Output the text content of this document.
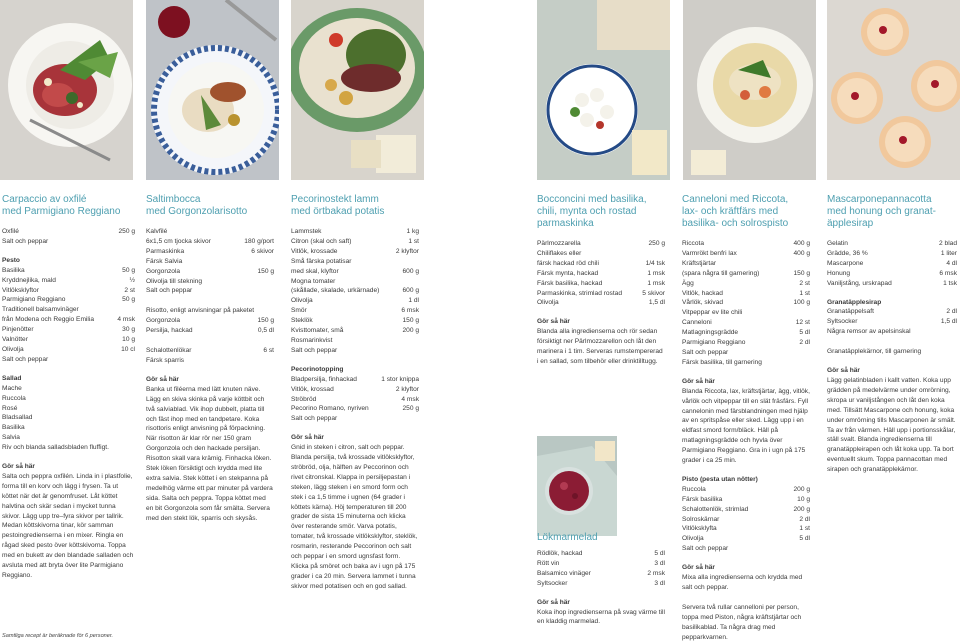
Carpaccio av oxfilé
med Parmigiano Reggiano
Oxfilé	250 g
Salt och peppar
Pesto
Basilika	50 g
Kryddnejlika, mald	½
Vitlöksklyftor	2 st
Parmigiano Reggiano	50 g
Traditionell balsamvinäger
från Modena och Reggio Emilia	4 msk
Pinjenötter	30 g
Valnötter	10 g
Olivolja	10 cl
Salt och peppar
Sallad
Mache
Ruccola
Rosé
Bladsallad
Basilika
Salvia
Riv och blanda salladsbladen fluffigt.
Gör så här
Salta och peppra oxfilén. Linda in i plastfolie, forma till en korv och lägg i frysen. Ta ut köttet när det är genomfruset. Låt köttet halvtina och skär sedan i mycket tunna skivor. Lägg upp tre–fyra skivor per tallrik. Medan köttskivorna tinar, kör samman pestoingredienserna i en mixer. Ringla en rågad sked pesto över köttskivorna. Toppa med en bukett av den blandade salladen och avsluta med att bryta över lite Parmigiano Reggiano.
Saltimbocca
med Gorgonzolarisotto
Kalvfilé
6x1,5 cm tjocka skivor	180 g/port
Parmaskinka	6 skivor
Färsk Salvia
Gorgonzola	150 g
Olivolja till stekning
Salt och peppar
Risotto, enligt anvisningar på paketet
Gorgonzola	150 g
Persilja, hackad	0,5 dl
Schalottenlökar	6 st
Färsk sparris
Gör så här
Banka ut filéerna med lätt knuten näve. Lägg en skiva skinka på varje köttbit och två salviablad. Vik ihop dubbelt, platta till och fäst ihop med en tandpetare. Koka risottoris enligt anvisning på förpackning. När risotton är klar rör ner 150 gram Gorgonzola och den hackade persiljan. Risotton skall vara krämig. Finhacka löken. Stek löken försiktigt och krydda med lite extra salvia. Stek köttet i en stekpanna på medelhög värme ett par minuter på vardera sida. Salta och peppra. Toppa köttet med en bit Gorgonzola som får smälta. Servera med den stekt lök, sparris och skysås.
Pecorinostekt lamm
med örtbakad potatis
Lammstek	1 kg
Citron (skal och saft)	1 st
Vitlök, krossade	2 klyftor
Små färska potatisar
med skal, klyftor	600 g
Mogna tomater
(skållade, skalade, urkärnade)	600 g
Olivolja	1 dl
Smör	6 msk
Steklök	150 g
Kvisttomater, små	200 g
Rosmarinkvist
Salt och peppar
Pecorinotopping
Bladpersilja, finhackad	1 stor knippa
Vitlök, krossad	2 klyftor
Ströbröd	4 msk
Pecorino Romano, nyriven	250 g
Salt och peppar
Gör så här
Gnid in steken i citron, salt och peppar. Blanda persilja, två krossade vitlöksklyftor, ströbröd, olja, hälften av Peccorinon och rivet citronskal. Klappa in persiljepastan i steken, lägg steken i en smord form och stek i ca 1,5 timme i ugnen (64 grader i köttets kärna). Höj temperaturen till 200 grader de sista 15 minuterna och klicka över resterande smör. Varva potatis, tomater, två krossade vitlöksklyftor, steklök, rosmarin, resterande Peccorinon och salt och peppar i en smord ugnsfast form. Klicka på smöret och baka av i ugn på 175 grader i ca 20 min. Servera lammet i tunna skivor med potatisen och en god sallad.
Bocconcini med basilika,
chili, mynta och rostad
parmaskinka
Pärlmozzarella	250 g
Chiliflakes eller
färsk hackad röd chili	1/4 tsk
Färsk mynta, hackad	1 msk
Färsk basilika, hackad	1 msk
Parmaskinka, strimlad rostad	5 skivor
Olivolja	1,5 dl
Gör så här
Blanda alla ingredienserna och rör sedan försiktigt ner Pärlmozzarellon och låt den marinera i 1 tim. Serveras rumstempererad i en sallad, som tilbehör eller drinktilltugg.
Lökmarmelad
Rödlök, hackad	5 dl
Rött vin	3 dl
Balsamico vinäger	2 msk
Syltsocker	3 dl
Gör så här
Koka ihop ingredienserna på svag värme till en kladdig marmelad.
Canneloni med Riccota,
lax- och kräftfärs med
basilika- och solrospisto
Riccota	400 g
Varmrökt benfri lax	400 g
Kräftstjärtar
(spara några till garnering)	150 g
Ägg	2 st
Vitlök, hackad	1 st
Vårlök, skivad	100 g
Vitpeppar ev lite chili
Canneloni	12 st
Matlagningsgrädde	5 dl
Parmigiano Reggiano	2 dl
Salt och peppar
Färsk basilika, till garnering
Gör så här
Blanda Riccota, lax, kräftstjärtar, ägg, vitlök, vårlök och vitpeppar till en slät fräsfärs. Fyll cannelonin med färsblandningen med hjälp av en spritspåse eller sked. Lägg upp i en eldfast smord form/bläck. Häll på matlagningsgrädde och hyvla över Parmigiano Reggiano. Gra in i ugn på 175 grader i ca 25 min.
Pisto (pesta utan nötter)
Ruccola	200 g
Färsk basilika	10 g
Schalottenlök, strimlad	200 g
Solroskärnar	2 dl
Vitlöksklyfta	1 st
Olivolja	5 dl
Salt och peppar
Gör så här
Mixa alla ingredienserna och krydda med salt och peppar.
Servera två rullar cannelloni per person, toppa med Piston, några kräftstjärtar och basilikablad. Ta några drag med pepparkvarnen.
Mascarponepannacotta
med honung och granat-
äpplesirap
Gelatin	2 blad
Grädde, 36 %	1 liter
Mascarpone	4 dl
Honung	6 msk
Vaniljstång, urskrapad	1 tsk
Granatäpplesirap
Granatäppelsaft	2 dl
Syltsocker	1,5 dl
Några remsor av apelsinskal
Granatäpplekärnor, till garnering
Gör så här
Lägg gelatinbladen i kallt vatten. Koka upp grädden på medelvärme under omrörning, skropa ur vaniljstången och låt den koka med. Tillsätt Mascarpone och honung, koka under omrörning tills Mascarponen är smält. Ta av från värmen. Häll upp i portionsskålar, ställ svalt. Blanda ingredienserna till granatäppleirapen och låt koka upp. Ta bort eventuellt skum. Toppa pannacottan med sirapen och granatäpplekärnor.
Samtliga recept är beräknade för 6 personer.
